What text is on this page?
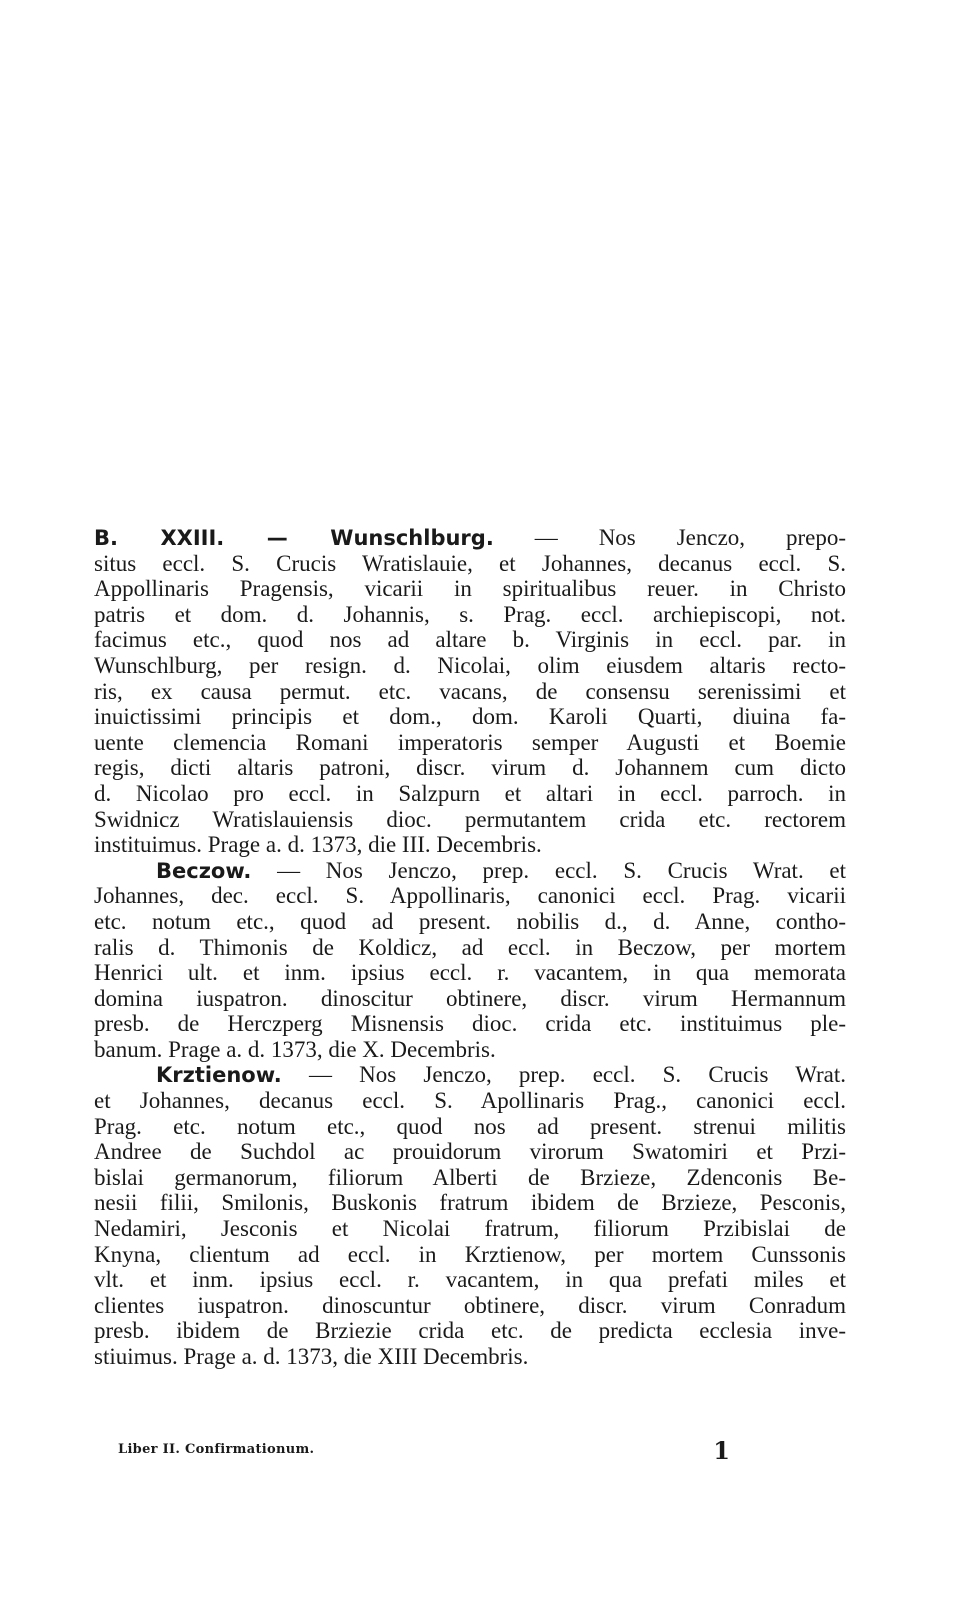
B. XXIII. — Wunschlburg. — Nos Jenczo, prepo-
situs eccl. S. Crucis Wratislauie, et Johannes, decanus eccl. S.
Appollinaris Pragensis, vicarii in spiritualibus reuer. in Christo
patris et dom. d. Johannis, s. Prag. eccl. archiepiscopi, not.
facimus etc., quod nos ad altare b. Virginis in eccl. par. in
Wunschlburg, per resign. d. Nicolai, olim eiusdem altaris recto-
ris, ex causa permut. etc. vacans, de consensu serenissimi et
inuictissimi principis et dom., dom. Karoli Quarti, diuina fa-
uente clemencia Romani imperatoris semper Augusti et Boemie
regis, dicti altaris patroni, discr. virum d. Johannem cum dicto
d. Nicolao pro eccl. in Salzpurn et altari in eccl. parroch. in
Swidnicz Wratislauiensis dioc. permutantem crida etc. rectorem
instituimus. Prage a. d. 1373, die III. Decembris.
Beczow. — Nos Jenczo, prep. eccl. S. Crucis Wrat. et
Johannes, dec. eccl. S. Appollinaris, canonici eccl. Prag. vicarii
etc. notum etc., quod ad present. nobilis d., d. Anne, contho-
ralis d. Thimonis de Koldicz, ad eccl. in Beczow, per mortem
Henrici ult. et inm. ipsius eccl. r. vacantem, in qua memorata
domina iuspatron. dinoscitur obtinere, discr. virum Hermannum
presb. de Herczperg Misnensis dioc. crida etc. instituimus ple-
banum. Prage a. d. 1373, die X. Decembris.
Krztienow. — Nos Jenczo, prep. eccl. S. Crucis Wrat.
et Johannes, decanus eccl. S. Apollinaris Prag., canonici eccl.
Prag. etc. notum etc., quod nos ad present. strenui militis
Andree de Suchdol ac prouidorum virorum Swatomiri et Przi-
bislai germanorum, filiorum Alberti de Brzieze, Zdenconis Be-
nesii filii, Smilonis, Buskonis fratrum ibidem de Brzieze, Pesconis,
Nedamiri, Jesconis et Nicolai fratrum, filiorum Przibislai de
Knyna, clientum ad eccl. in Krztienow, per mortem Cunssonis
vlt. et inm. ipsius eccl. r. vacantem, in qua prefati miles et
clientes iuspatron. dinoscuntur obtinere, discr. virum Conradum
presb. ibidem de Brziezie crida etc. de predicta ecclesia inve-
stiuimus. Prage a. d. 1373, die XIII Decembris.
Liber II. Confirmationum.	1
